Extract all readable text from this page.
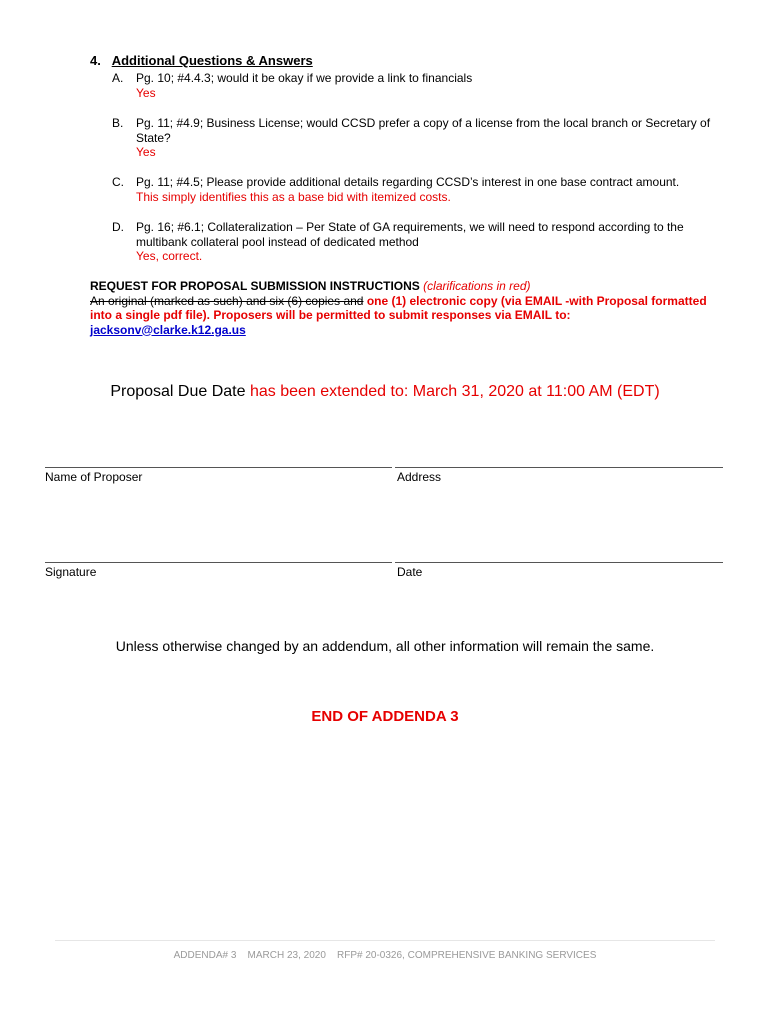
4. Additional Questions & Answers
A. Pg. 10; #4.4.3; would it be okay if we provide a link to financials
Yes
B. Pg. 11; #4.9; Business License; would CCSD prefer a copy of a license from the local branch or Secretary of State?
Yes
C. Pg. 11; #4.5; Please provide additional details regarding CCSD’s interest in one base contract amount.
This simply identifies this as a base bid with itemized costs.
D. Pg. 16; #6.1; Collateralization – Per State of GA requirements, we will need to respond according to the multibank collateral pool instead of dedicated method
Yes, correct.
REQUEST FOR PROPOSAL SUBMISSION INSTRUCTIONS (clarifications in red)
An original (marked as such) and six (6) copies and one (1) electronic copy (via EMAIL -with Proposal formatted into a single pdf file). Proposers will be permitted to submit responses via EMAIL to:
jacksonv@clarke.k12.ga.us
Proposal Due Date has been extended to: March 31, 2020 at 11:00 AM (EDT)
Name of Proposer	Address
Signature	Date
Unless otherwise changed by an addendum, all other information will remain the same.
END OF ADDENDA 3
ADDENDA# 3    MARCH 23, 2020    RFP# 20-0326, COMPREHENSIVE BANKING SERVICES
